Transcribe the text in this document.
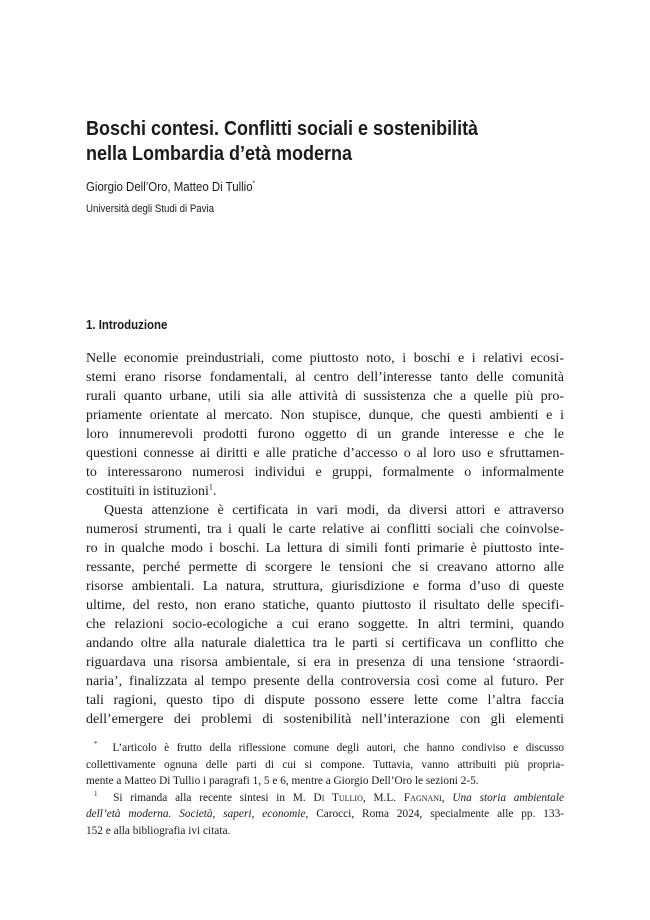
Boschi contesi. Conflitti sociali e sostenibilità
nella Lombardia d’età moderna
Giorgio Dell’Oro, Matteo Di Tullio*
Università degli Studi di Pavia
1. Introduzione

Nelle economie preindustriali, come piuttosto noto, i boschi e i relativi ecosi-
stemi erano risorse fondamentali, al centro dell’interesse tanto delle comunità
rurali quanto urbane, utili sia alle attività di sussistenza che a quelle più pro-
priamente orientate al mercato. Non stupisce, dunque, che questi ambienti e i
loro innumerevoli prodotti furono oggetto di un grande interesse e che le
questioni connesse ai diritti e alle pratiche d’accesso o al loro uso e sfruttamen-
to interessarono numerosi individui e gruppi, formalmente o informalmente
costituiti in istituzioni$^1$.

Questa attenzione è certificata in vari modi, da diversi attori e attraverso
numerosi strumenti, tra i quali le carte relative ai conflitti sociali che coinvolse-
ro in qualche modo i boschi. La lettura di simili fonti primarie è piuttosto inte-
ressante, perché permette di scorgere le tensioni che si creavano attorno alle
risorse ambientali. La natura, struttura, giurisdizione e forma d’uso di queste
ultime, del resto, non erano statiche, quanto piuttosto il risultato delle specifi-
che relazioni socio-ecologiche a cui erano soggette. In altri termini, quando
andando oltre alla naturale dialettica tra le parti si certificava un conflitto che
riguardava una risorsa ambientale, si era in presenza di una tensione ‘straordi-
naria’, finalizzata al tempo presente della controversia così come al futuro. Per
tali ragioni, questo tipo di dispute possono essere lette come l’altra faccia
dell’emergere dei problemi di sostenibilità nell’interazione con gli elementi

* L’articolo è frutto della riflessione comune degli autori, che hanno condiviso e discusso
collettivamente ognuna delle parti di cui si compone. Tuttavia, vanno attribuiti più propria-
mente a Matteo Di Tullio i paragrafi 1, 5 e 6, mentre a Giorgio Dell’Oro le sezioni 2-5.
$^1$ Si rimanda alla recente sintesi in M. Di Tullio, M.L. Fagnani, Una storia ambientale
dell’età moderna. Società, saperi, economie, Carocci, Roma 2024, specialmente alle pp. 133-
152 e alla bibliografia ivi citata.
